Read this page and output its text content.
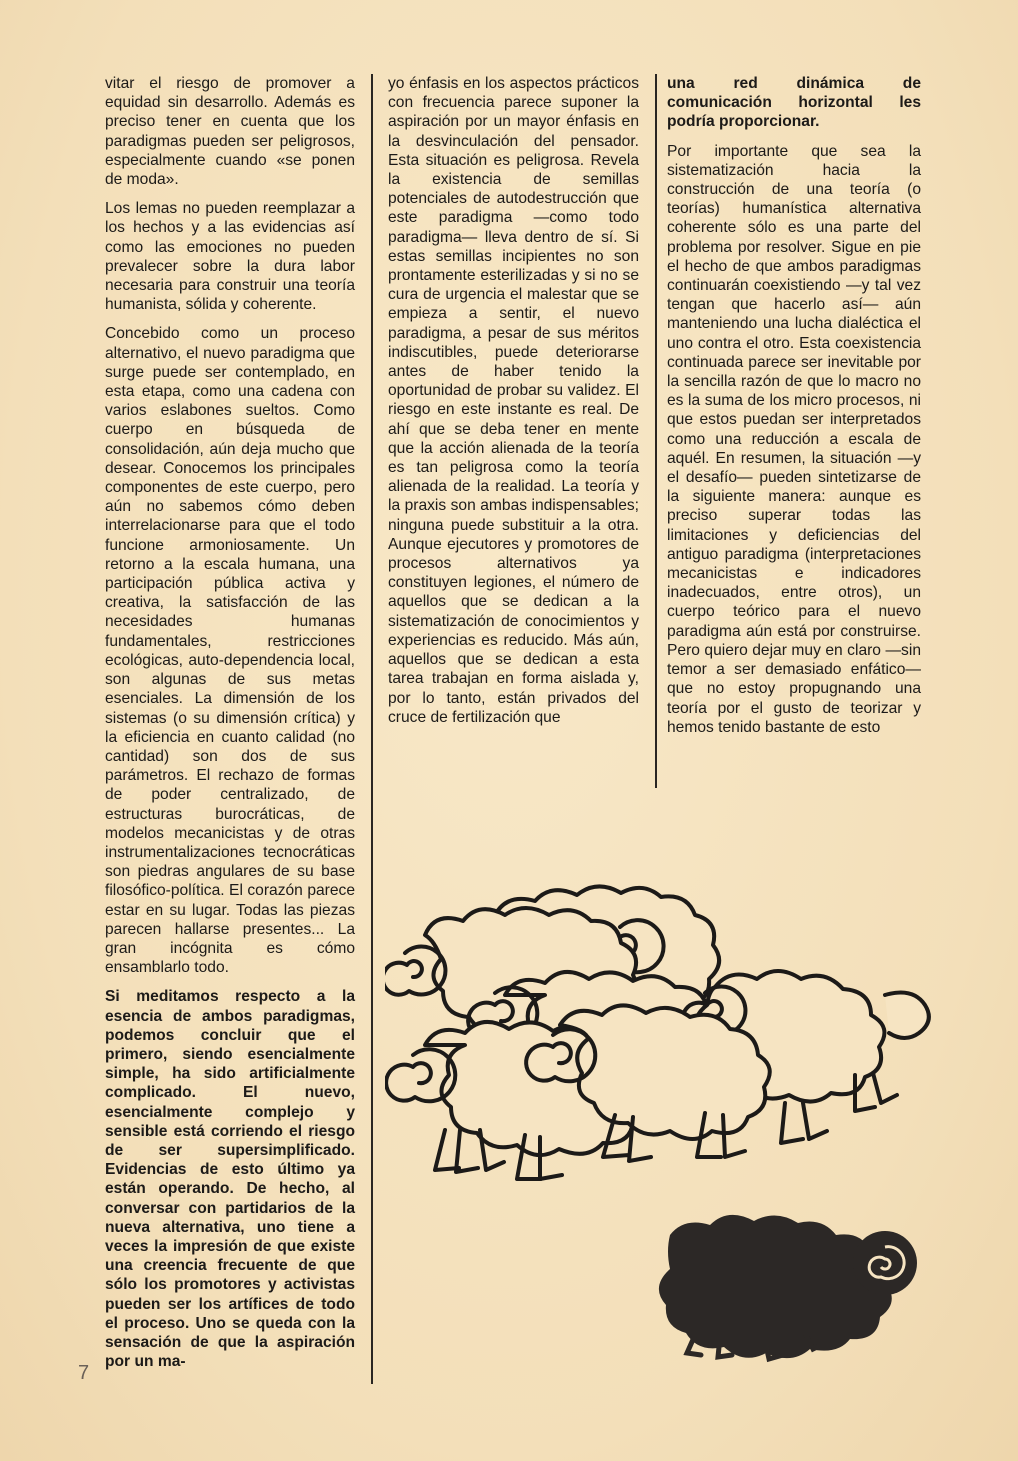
vitar el riesgo de promover a equidad sin desarrollo. Además es preciso tener en cuenta que los paradigmas pueden ser peligrosos, especialmente cuando «se ponen de moda».

Los lemas no pueden reemplazar a los hechos y a las evidencias así como las emociones no pueden prevalecer sobre la dura labor necesaria para construir una teoría humanista, sólida y coherente.

Concebido como un proceso alternativo, el nuevo paradigma que surge puede ser contemplado, en esta etapa, como una cadena con varios eslabones sueltos. Como cuerpo en búsqueda de consolidación, aún deja mucho que desear. Conocemos los principales componentes de este cuerpo, pero aún no sabemos cómo deben interrelacionarse para que el todo funcione armoniosamente. Un retorno a la escala humana, una participación pública activa y creativa, la satisfacción de las necesidades humanas fundamentales, restricciones ecológicas, auto-dependencia local, son algunas de sus metas esenciales. La dimensión de los sistemas (o su dimensión crítica) y la eficiencia en cuanto calidad (no cantidad) son dos de sus parámetros. El rechazo de formas de poder centralizado, de estructuras burocráticas, de modelos mecanicistas y de otras instrumentalizaciones tecnocráticas son piedras angulares de su base filosófico-política. El corazón parece estar en su lugar. Todas las piezas parecen hallarse presentes... La gran incógnita es cómo ensamblarlo todo.

Si meditamos respecto a la esencia de ambos paradigmas, podemos concluir que el primero, siendo esencialmente simple, ha sido artificialmente complicado. El nuevo, esencialmente complejo y sensible está corriendo el riesgo de ser supersimplificado. Evidencias de esto último ya están operando. De hecho, al conversar con partidarios de la nueva alternativa, uno tiene a veces la impresión de que existe una creencia frecuente de que sólo los promotores y activistas pueden ser los artífices de todo el proceso. Uno se queda con la sensación de que la aspiración por un ma-

yo énfasis en los aspectos prácticos con frecuencia parece suponer la aspiración por un mayor énfasis en la desvinculación del pensador. Esta situación es peligrosa. Revela la existencia de semillas potenciales de autodestrucción que este paradigma —como todo paradigma— lleva dentro de sí. Si estas semillas incipientes no son prontamente esterilizadas y si no se cura de urgencia el malestar que se empieza a sentir, el nuevo paradigma, a pesar de sus méritos indiscutibles, puede deteriorarse antes de haber tenido la oportunidad de probar su validez. El riesgo en este instante es real. De ahí que se deba tener en mente que la acción alienada de la teoría es tan peligrosa como la teoría alienada de la realidad. La teoría y la praxis son ambas indispensables; ninguna puede substituir a la otra. Aunque ejecutores y promotores de procesos alternativos ya constituyen legiones, el número de aquellos que se dedican a la sistematización de conocimientos y experiencias es reducido. Más aún, aquellos que se dedican a esta tarea trabajan en forma aislada y, por lo tanto, están privados del cruce de fertilización que

una red dinámica de comunicación horizontal les podría proporcionar.

Por importante que sea la sistematización hacia la construcción de una teoría (o teorías) humanística alternativa coherente sólo es una parte del problema por resolver. Sigue en pie el hecho de que ambos paradigmas continuarán coexistiendo —y tal vez tengan que hacerlo así— aún manteniendo una lucha dialéctica el uno contra el otro. Esta coexistencia continuada parece ser inevitable por la sencilla razón de que lo macro no es la suma de los micro procesos, ni que estos puedan ser interpretados como una reducción a escala de aquél. En resumen, la situación —y el desafío— pueden sintetizarse de la siguiente manera: aunque es preciso superar todas las limitaciones y deficiencias del antiguo paradigma (interpretaciones mecanicistas e indicadores inadecuados, entre otros), un cuerpo teórico para el nuevo paradigma aún está por construirse. Pero quiero dejar muy en claro —sin temor a ser demasiado enfático— que no estoy propugnando una teoría por el gusto de teorizar y hemos tenido bastante de esto

7
